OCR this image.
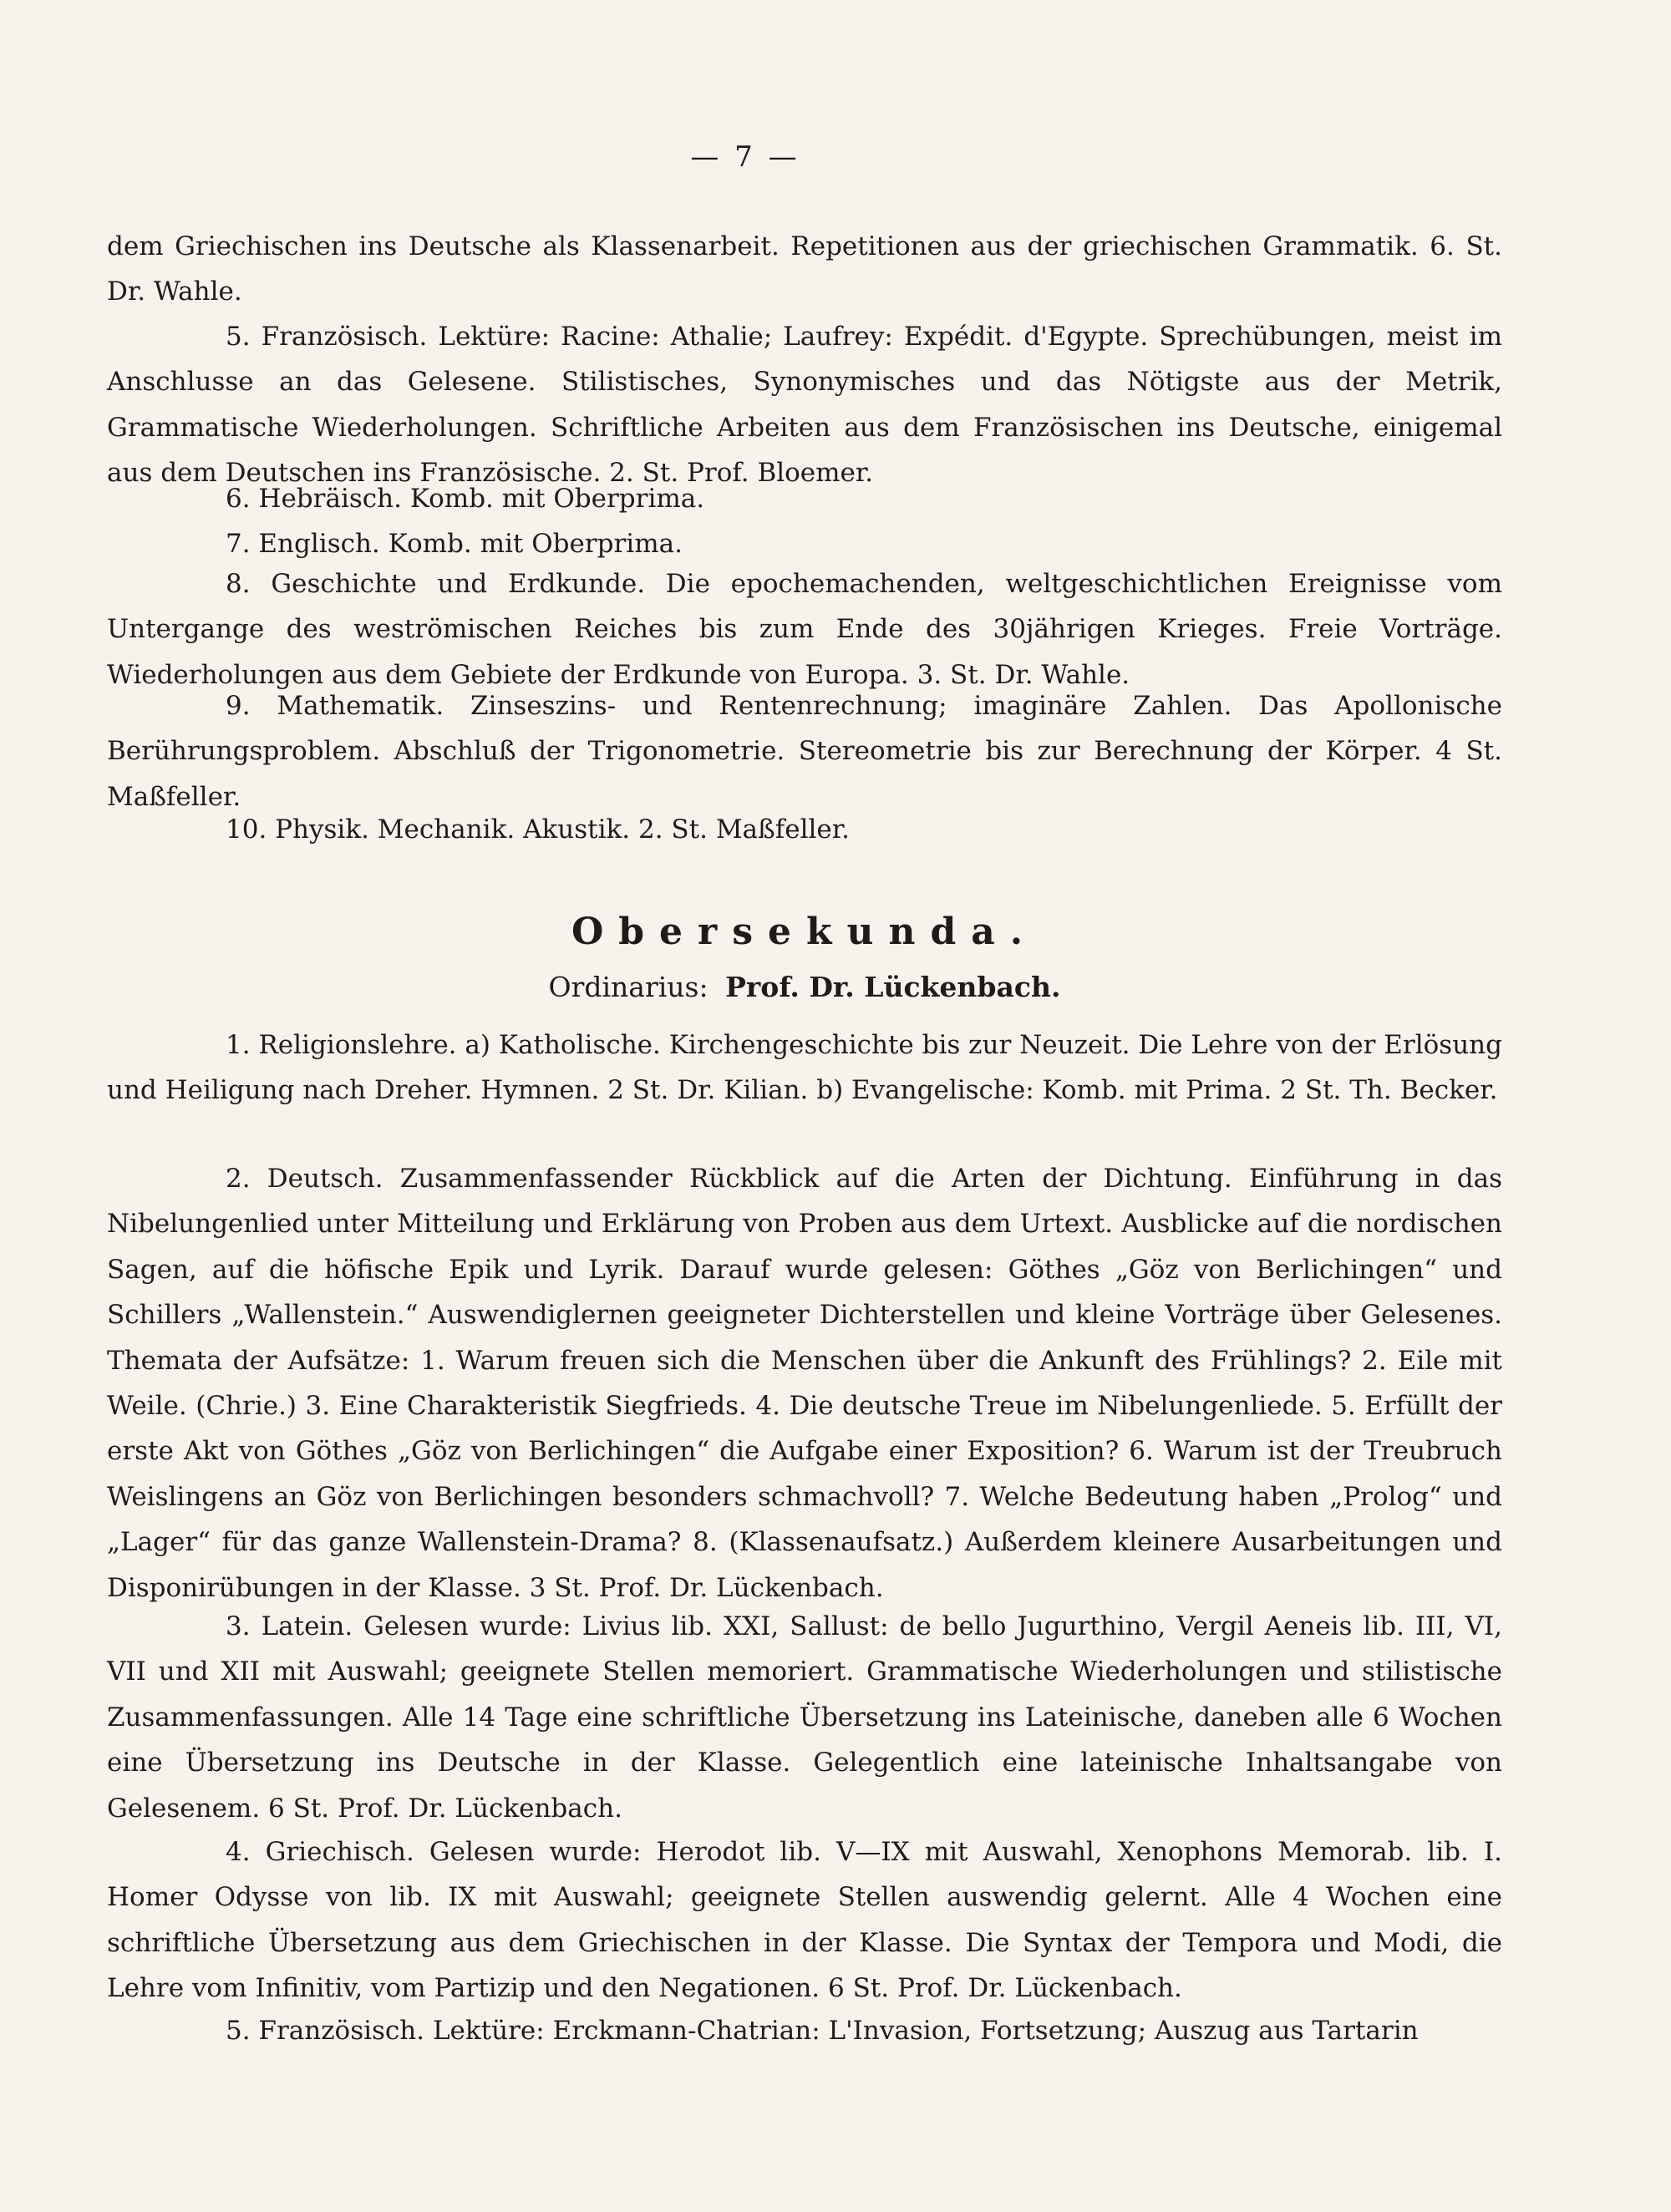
— 7 —

dem Griechischen ins Deutsche als Klassenarbeit. Repetitionen aus der griechischen Grammatik. 6. St. Dr. Wahle.

5. Französisch. Lektüre: Racine: Athalie; Laufrey: Expédit. d'Egypte. Sprechübungen, meist im Anschlusse an das Gelesene. Stilistisches, Synonymisches und das Nötigste aus der Metrik, Grammatische Wiederholungen. Schriftliche Arbeiten aus dem Französischen ins Deutsche, einigemal aus dem Deutschen ins Französische. 2. St. Prof. Bloemer.

6. Hebräisch. Komb. mit Oberprima.

7. Englisch. Komb. mit Oberprima.

8. Geschichte und Erdkunde. Die epochemachenden, weltgeschichtlichen Ereignisse vom Untergange des weströmischen Reiches bis zum Ende des 30jährigen Krieges. Freie Vorträge. Wiederholungen aus dem Gebiete der Erdkunde von Europa. 3. St. Dr. Wahle.

9. Mathematik. Zinseszins- und Rentenrechnung; imaginäre Zahlen. Das Apollonische Berührungsproblem. Abschluß der Trigonometrie. Stereometrie bis zur Berechnung der Körper. 4 St. Maßfeller.

10. Physik. Mechanik. Akustik. 2. St. Maßfeller.

Obersekunda.

Ordinarius: Prof. Dr. Lückenbach.

1. Religionslehre. a) Katholische. Kirchengeschichte bis zur Neuzeit. Die Lehre von der Erlösung und Heiligung nach Dreher. Hymnen. 2 St. Dr. Kilian. b) Evangelische: Komb. mit Prima. 2 St. Th. Becker.

2. Deutsch. Zusammenfassender Rückblick auf die Arten der Dichtung. Einführung in das Nibelungenlied unter Mitteilung und Erklärung von Proben aus dem Urtext. Ausblicke auf die nordischen Sagen, auf die höfische Epik und Lyrik. Darauf wurde gelesen: Göthes „Göz von Berlichingen“ und Schillers „Wallenstein.“ Auswendiglernen geeigneter Dichterstellen und kleine Vorträge über Gelesenes. Themata der Aufsätze: 1. Warum freuen sich die Menschen über die Ankunft des Frühlings? 2. Eile mit Weile. (Chrie.) 3. Eine Charakteristik Siegfrieds. 4. Die deutsche Treue im Nibelungenliede. 5. Erfüllt der erste Akt von Göthes „Göz von Berlichingen“ die Aufgabe einer Exposition? 6. Warum ist der Treubruch Weislingens an Göz von Berlichingen besonders schmachvoll? 7. Welche Bedeutung haben „Prolog“ und „Lager“ für das ganze Wallenstein-Drama? 8. (Klassenaufsatz.) Außerdem kleinere Ausarbeitungen und Disponirübungen in der Klasse. 3 St. Prof. Dr. Lückenbach.

3. Latein. Gelesen wurde: Livius lib. XXI, Sallust: de bello Jugurthino, Vergil Aeneis lib. III, VI, VII und XII mit Auswahl; geeignete Stellen memoriert. Grammatische Wiederholungen und stilistische Zusammenfassungen. Alle 14 Tage eine schriftliche Übersetzung ins Lateinische, daneben alle 6 Wochen eine Übersetzung ins Deutsche in der Klasse. Gelegentlich eine lateinische Inhaltsangabe von Gelesenem. 6 St. Prof. Dr. Lückenbach.

4. Griechisch. Gelesen wurde: Herodot lib. V—IX mit Auswahl, Xenophons Memorab. lib. I. Homer Odysse von lib. IX mit Auswahl; geeignete Stellen auswendig gelernt. Alle 4 Wochen eine schriftliche Übersetzung aus dem Griechischen in der Klasse. Die Syntax der Tempora und Modi, die Lehre vom Infinitiv, vom Partizip und den Negationen. 6 St. Prof. Dr. Lückenbach.

5. Französisch. Lektüre: Erckmann-Chatrian: L'Invasion, Fortsetzung; Auszug aus Tartarin
